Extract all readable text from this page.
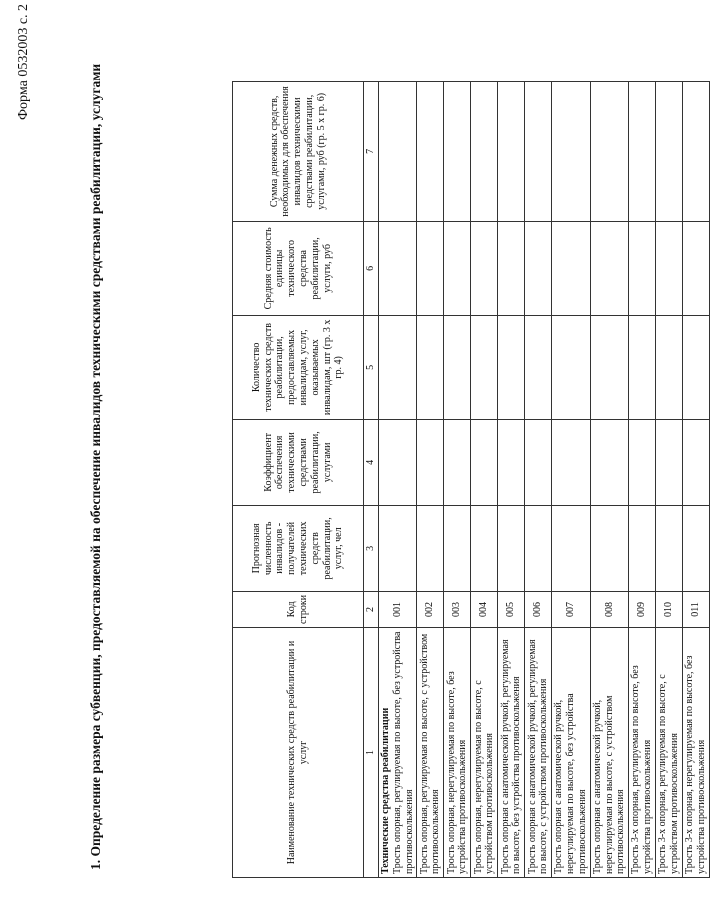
Форма 0532003 с. 2
1. Определение размера субвенции, предоставляемой на обеспечение инвалидов техническими средствами реабилитации, услугами	Наименование технических средств реабилитации и услуг	Код строки	Прогнозная численность инвалидов - получателей технических средств реабилитации, услуг, чел	Коэффициент обеспечения техническими средствами реабилитации, услугами	Количество технических средств реабилитации, предоставляемых инвалидам, услуг, оказываемых инвалидам, шт (гр. 3 x гр. 4)	Средняя стоимость единицы технического средства реабилитации, услуги, руб	Сумма денежных средств, необходимых для обеспечения инвалидов техническими средствами реабилитации, услугами, руб (гр. 5 x гр. 6)
1	2	3	4	5	6	7

Технические средства реабилитации Трость опорная, регулируемая по высоте, без устройства противоскольжения	001					
Трость опорная, регулируемая по высоте, с устройством противоскольжения	002					
Трость опорная, нерегулируемая по высоте, без устройства противоскольжения	003					
Трость опорная, нерегулируемая по высоте, с устройством противоскольжения	004					
Трость опорная с анатомической ручкой, регулируемая по высоте, без устройства противоскольжения	005					
Трость опорная с анатомической ручкой, регулируемая по высоте, с устройством противоскольжения	006					
Трость опорная с анатомической ручкой, нерегулируемая по высоте, без устройства противоскольжения	007					
Трость опорная с анатомической ручкой, нерегулируемая по высоте, с устройством противоскольжения	008					
Трость 3-х опорная, регулируемая по высоте, без устройства противоскольжения	009					
Трость 3-х опорная, регулируемая по высоте, с устройством противоскольжения	010					
Трость 3-х опорная, нерегулируемая по высоте, без устройства противоскольжения	011					
